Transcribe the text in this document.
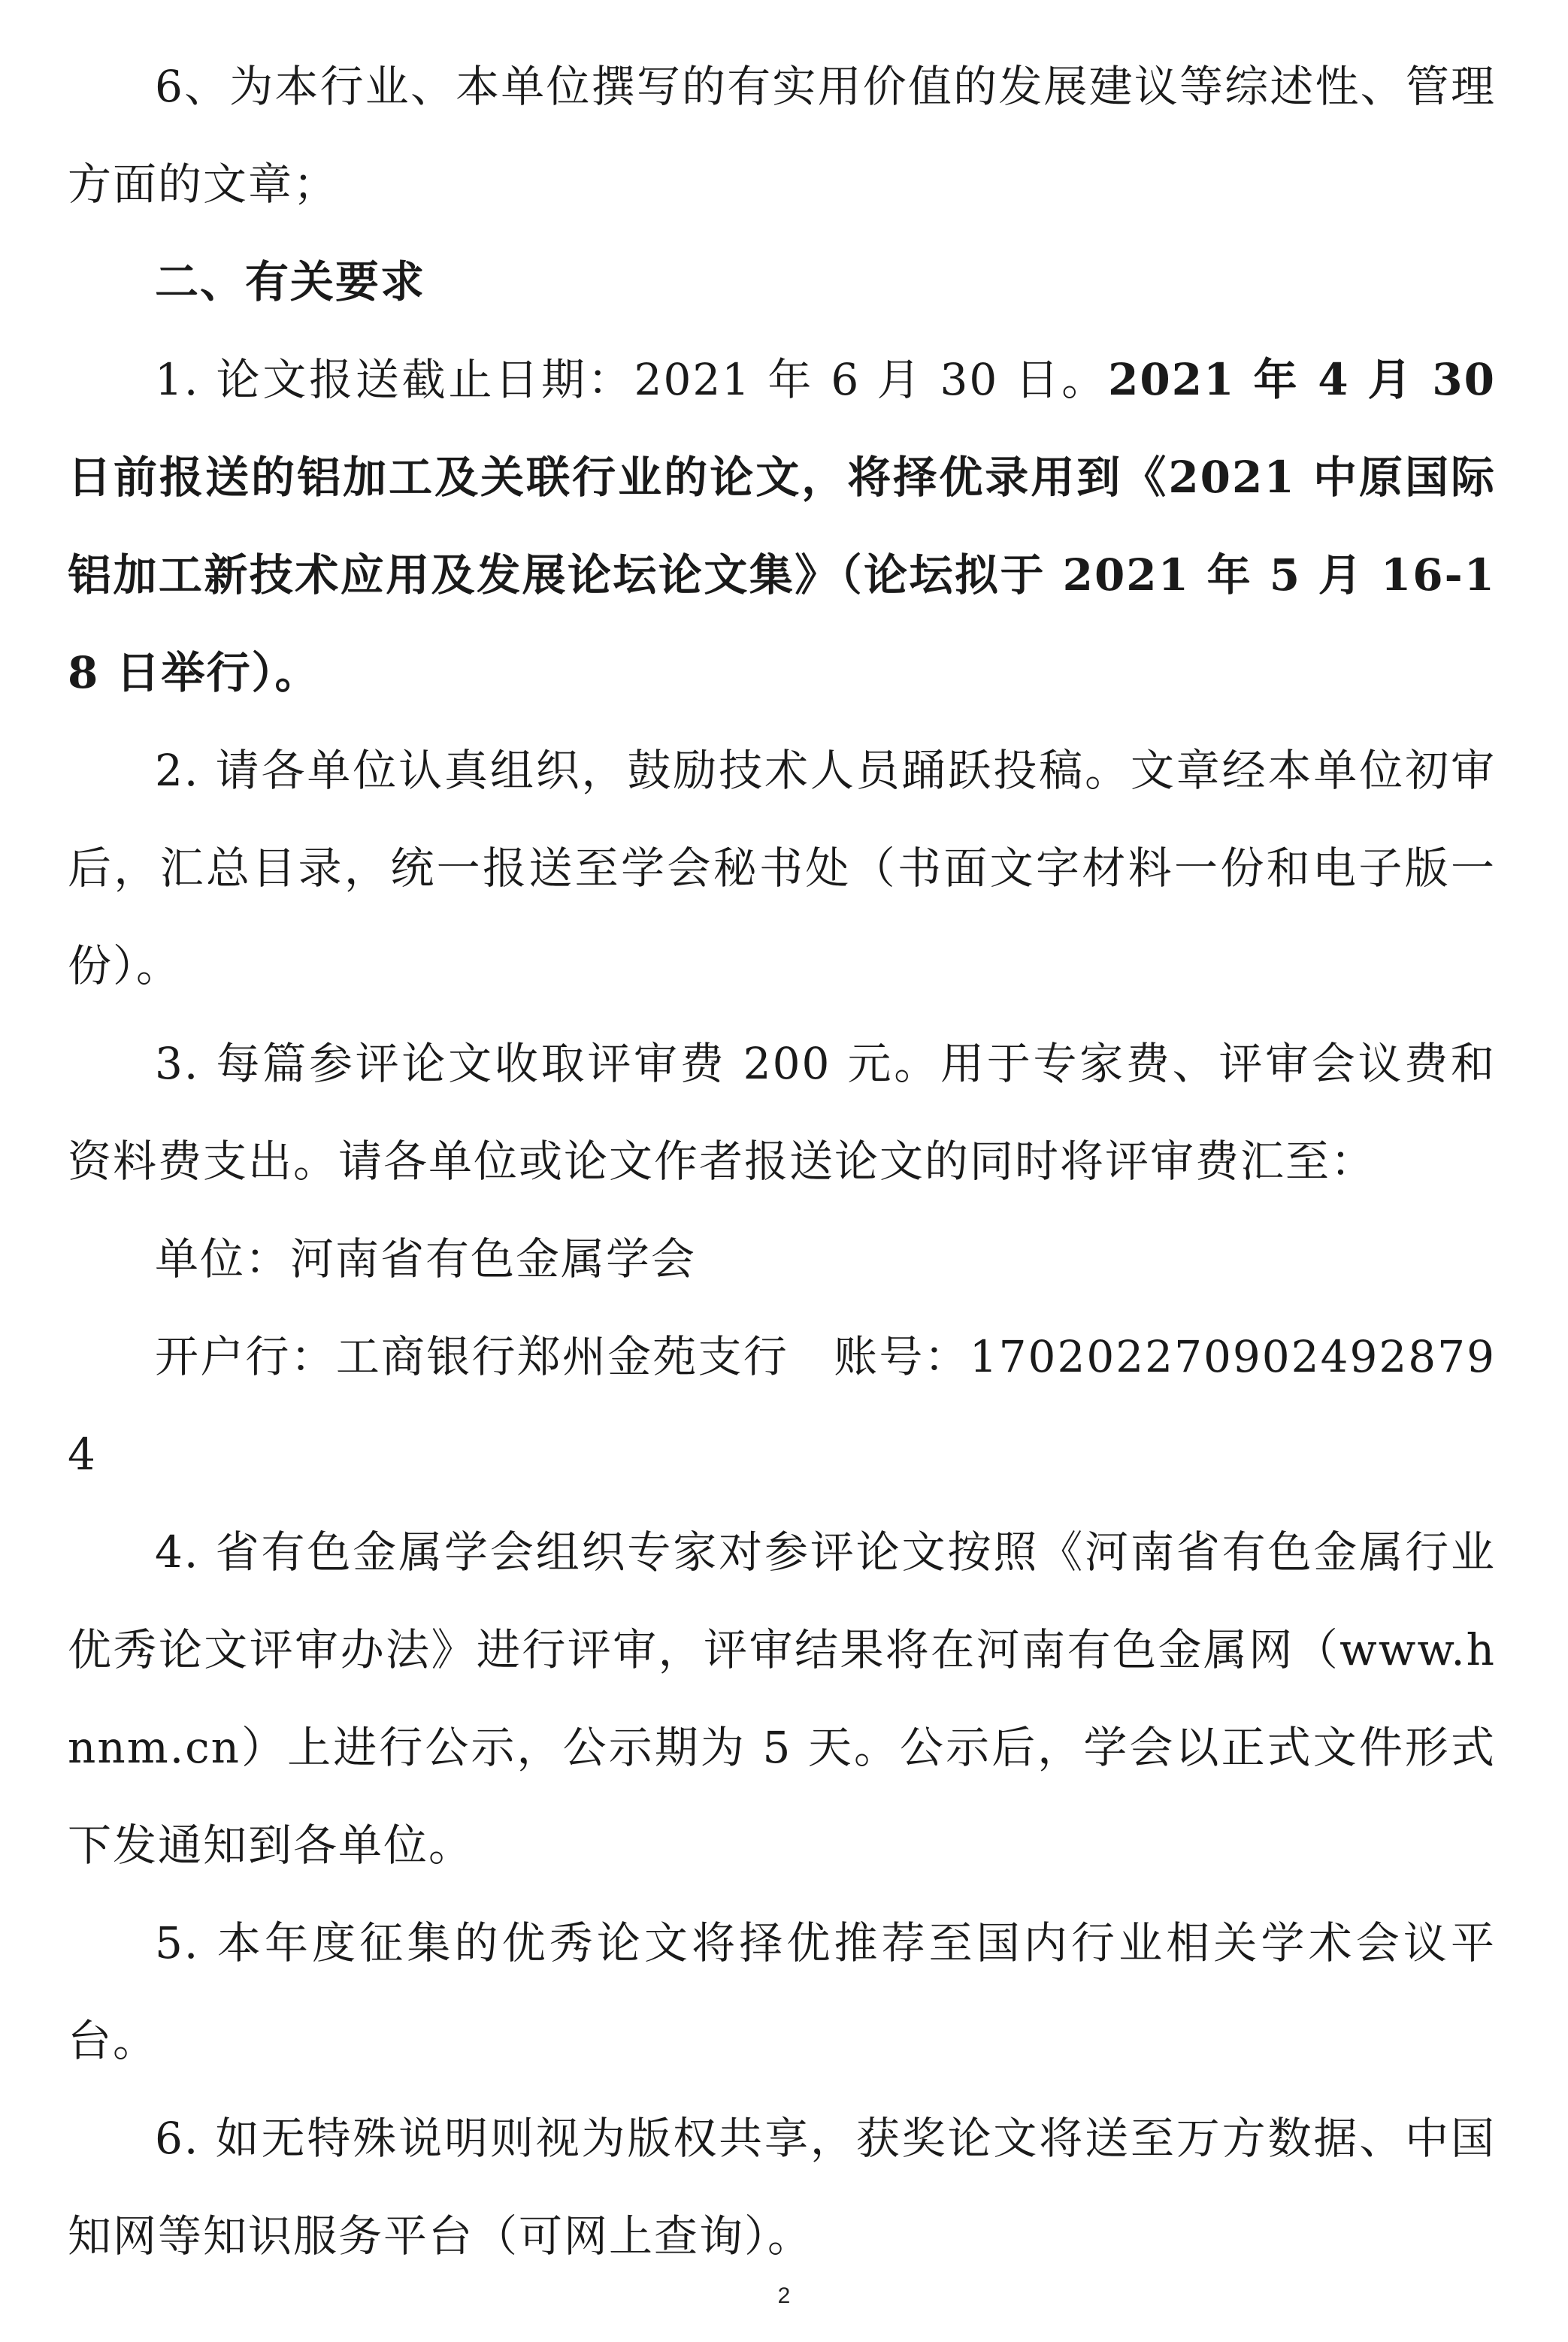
6、为本行业、本单位撰写的有实用价值的发展建议等综述性、管理方面的文章；

二、有关要求

1. 论文报送截止日期：2021 年 6 月 30 日。2021 年 4 月 30 日前报送的铝加工及关联行业的论文，将择优录用到《2021 中原国际铝加工新技术应用及发展论坛论文集》（论坛拟于 2021 年 5 月 16-18 日举行）。

2. 请各单位认真组织，鼓励技术人员踊跃投稿。文章经本单位初审后，汇总目录，统一报送至学会秘书处（书面文字材料一份和电子版一份）。

3. 每篇参评论文收取评审费 200 元。用于专家费、评审会议费和资料费支出。请各单位或论文作者报送论文的同时将评审费汇至：

单位：河南省有色金属学会

开户行：工商银行郑州金苑支行 账号：1702022709024928794

4. 省有色金属学会组织专家对参评论文按照《河南省有色金属行业优秀论文评审办法》进行评审，评审结果将在河南有色金属网（www.hnnm.cn）上进行公示，公示期为 5 天。公示后，学会以正式文件形式下发通知到各单位。

5. 本年度征集的优秀论文将择优推荐至国内行业相关学术会议平台。

6. 如无特殊说明则视为版权共享，获奖论文将送至万方数据、中国知网等知识服务平台（可网上查询）。

2
